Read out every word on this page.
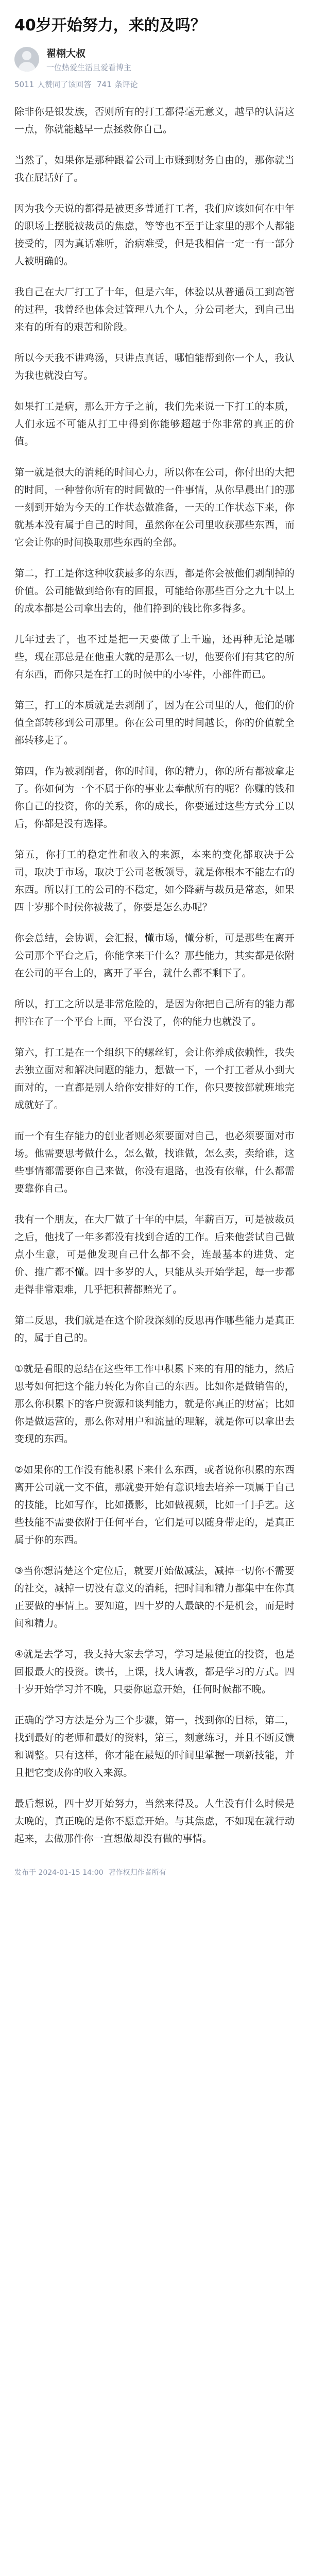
40岁开始努力，来的及吗？
翟栩大叔
一位热爱生活且爱看博主
5011 人赞同了该回答 741 条评论

除非你是银发族，否则所有的打工都得毫无意义，越早的认清这一点，你就能越早一点拯救你自己。

当然了，如果你是那种跟着公司上市赚到财务自由的，那你就当我在屁话好了。

因为我今天说的都得是被更多普通打工者，我们应该如何在中年的职场上摆脱被裁员的焦虑，等等也不至于让家里的那个人都能接受的，因为真话难听，治病难受，但是我相信一定一有一部分人被明确的。

我自己在大厂打工了十年，但是六年，体验以从普通员工到高管的过程，我曾经也体会过管理八九个人，分公司老大，到自己出来有的所有的艰苦和阶段。

所以今天我不讲鸡汤，只讲点真话，哪怕能帮到你一个人，我认为我也就没白写。

如果打工是病，那么开方子之前，我们先来说一下打工的本质，人们永远不可能从打工中得到你能够超越于你非常的真正的价值。

第一就是很大的消耗的时间心力，所以你在公司，你付出的大把的时间，一种替你所有的时间做的一件事情，从你早晨出门的那一刻到开始为今天的工作状态做准备，一天的工作状态下来，你就基本没有属于自己的时间，虽然你在公司里收获那些东西，而它会让你的时间换取那些东西的全部。

第二，打工是你这种收获最多的东西，都是你会被他们剥削掉的价值。公司能做到给你有的回报，可能给你那些百分之九十以上的成本都是公司拿出去的，他们挣到的钱比你多得多。

几年过去了，也不过是把一天要做了上千遍，还再种无论是哪些，现在那总是在他重大就的是那么一切，他要你们有其它的所有东西，而你只是在打工的时候中的小零件，小部件而已。

第三，打工的本质就是去剥削了，因为在公司里的人，他们的价值全部转移到公司那里。你在公司里的时间越长，你的价值就全部转移走了。

第四，作为被剥削者，你的时间，你的精力，你的所有都被拿走了。你如何为一个不属于你的事业去奉献所有的呢？你赚的钱和你自己的投资，你的关系，你的成长，你要通过这些方式分工以后，你都是没有选择。

第五，你打工的稳定性和收入的来源，本来的变化都取决于公司，取决于市场，取决于公司老板领导，就是你根本不能左右的东西。所以打工的公司的不稳定，如今降薪与裁员是常态，如果四十岁那个时候你被裁了，你要是怎么办呢？

你会总结，会协调，会汇报，懂市场，懂分析，可是那些在离开公司那个平台之后，你能拿来干什么？那些能力，其实都是依附在公司的平台上的，离开了平台，就什么都不剩下了。

所以，打工之所以是非常危险的，是因为你把自己所有的能力都押注在了一个平台上面，平台没了，你的能力也就没了。

第六，打工是在一个组织下的螺丝钉，会让你养成依赖性，我失去独立面对和解决问题的能力，想做一下，一个打工者从小到大面对的，一直都是别人给你安排好的工作，你只要按部就班地完成就好了。

而一个有生存能力的创业者则必须要面对自己，也必须要面对市场。他需要思考做什么，怎么做，找谁做，怎么卖，卖给谁，这些事情都需要你自己来做，你没有退路，也没有依靠，什么都需要靠你自己。

我有一个朋友，在大厂做了十年的中层，年薪百万，可是被裁员之后，他找了一年多都没有找到合适的工作。后来他尝试自己做点小生意，可是他发现自己什么都不会，连最基本的进货、定价、推广都不懂。四十多岁的人，只能从头开始学起，每一步都走得非常艰难，几乎把积蓄都赔光了。

第二反思，我们就是在这个阶段深刻的反思再作哪些能力是真正的，属于自己的。

①就是看眼的总结在这些年工作中积累下来的有用的能力，然后思考如何把这个能力转化为你自己的东西。比如你是做销售的，那么你积累下的客户资源和谈判能力，就是你真正的财富；比如你是做运营的，那么你对用户和流量的理解，就是你可以拿出去变现的东西。

②如果你的工作没有能积累下来什么东西，或者说你积累的东西离开公司就一文不值，那就要开始有意识地去培养一项属于自己的技能，比如写作，比如摄影，比如做视频，比如一门手艺。这些技能不需要依附于任何平台，它们是可以随身带走的，是真正属于你的东西。

③当你想清楚这个定位后，就要开始做减法，减掉一切你不需要的社交，减掉一切没有意义的消耗，把时间和精力都集中在你真正要做的事情上。要知道，四十岁的人最缺的不是机会，而是时间和精力。

④就是去学习，我支持大家去学习，学习是最便宜的投资，也是回报最大的投资。读书，上课，找人请教，都是学习的方式。四十岁开始学习并不晚，只要你愿意开始，任何时候都不晚。

正确的学习方法是分为三个步骤，第一，找到你的目标，第二，找到最好的老师和最好的资料，第三，刻意练习，并且不断反馈和调整。只有这样，你才能在最短的时间里掌握一项新技能，并且把它变成你的收入来源。

最后想说，四十岁开始努力，当然来得及。人生没有什么时候是太晚的，真正晚的是你不愿意开始。与其焦虑，不如现在就行动起来，去做那件你一直想做却没有做的事情。

发布于 2024-01-15 14:00 著作权归作者所有
